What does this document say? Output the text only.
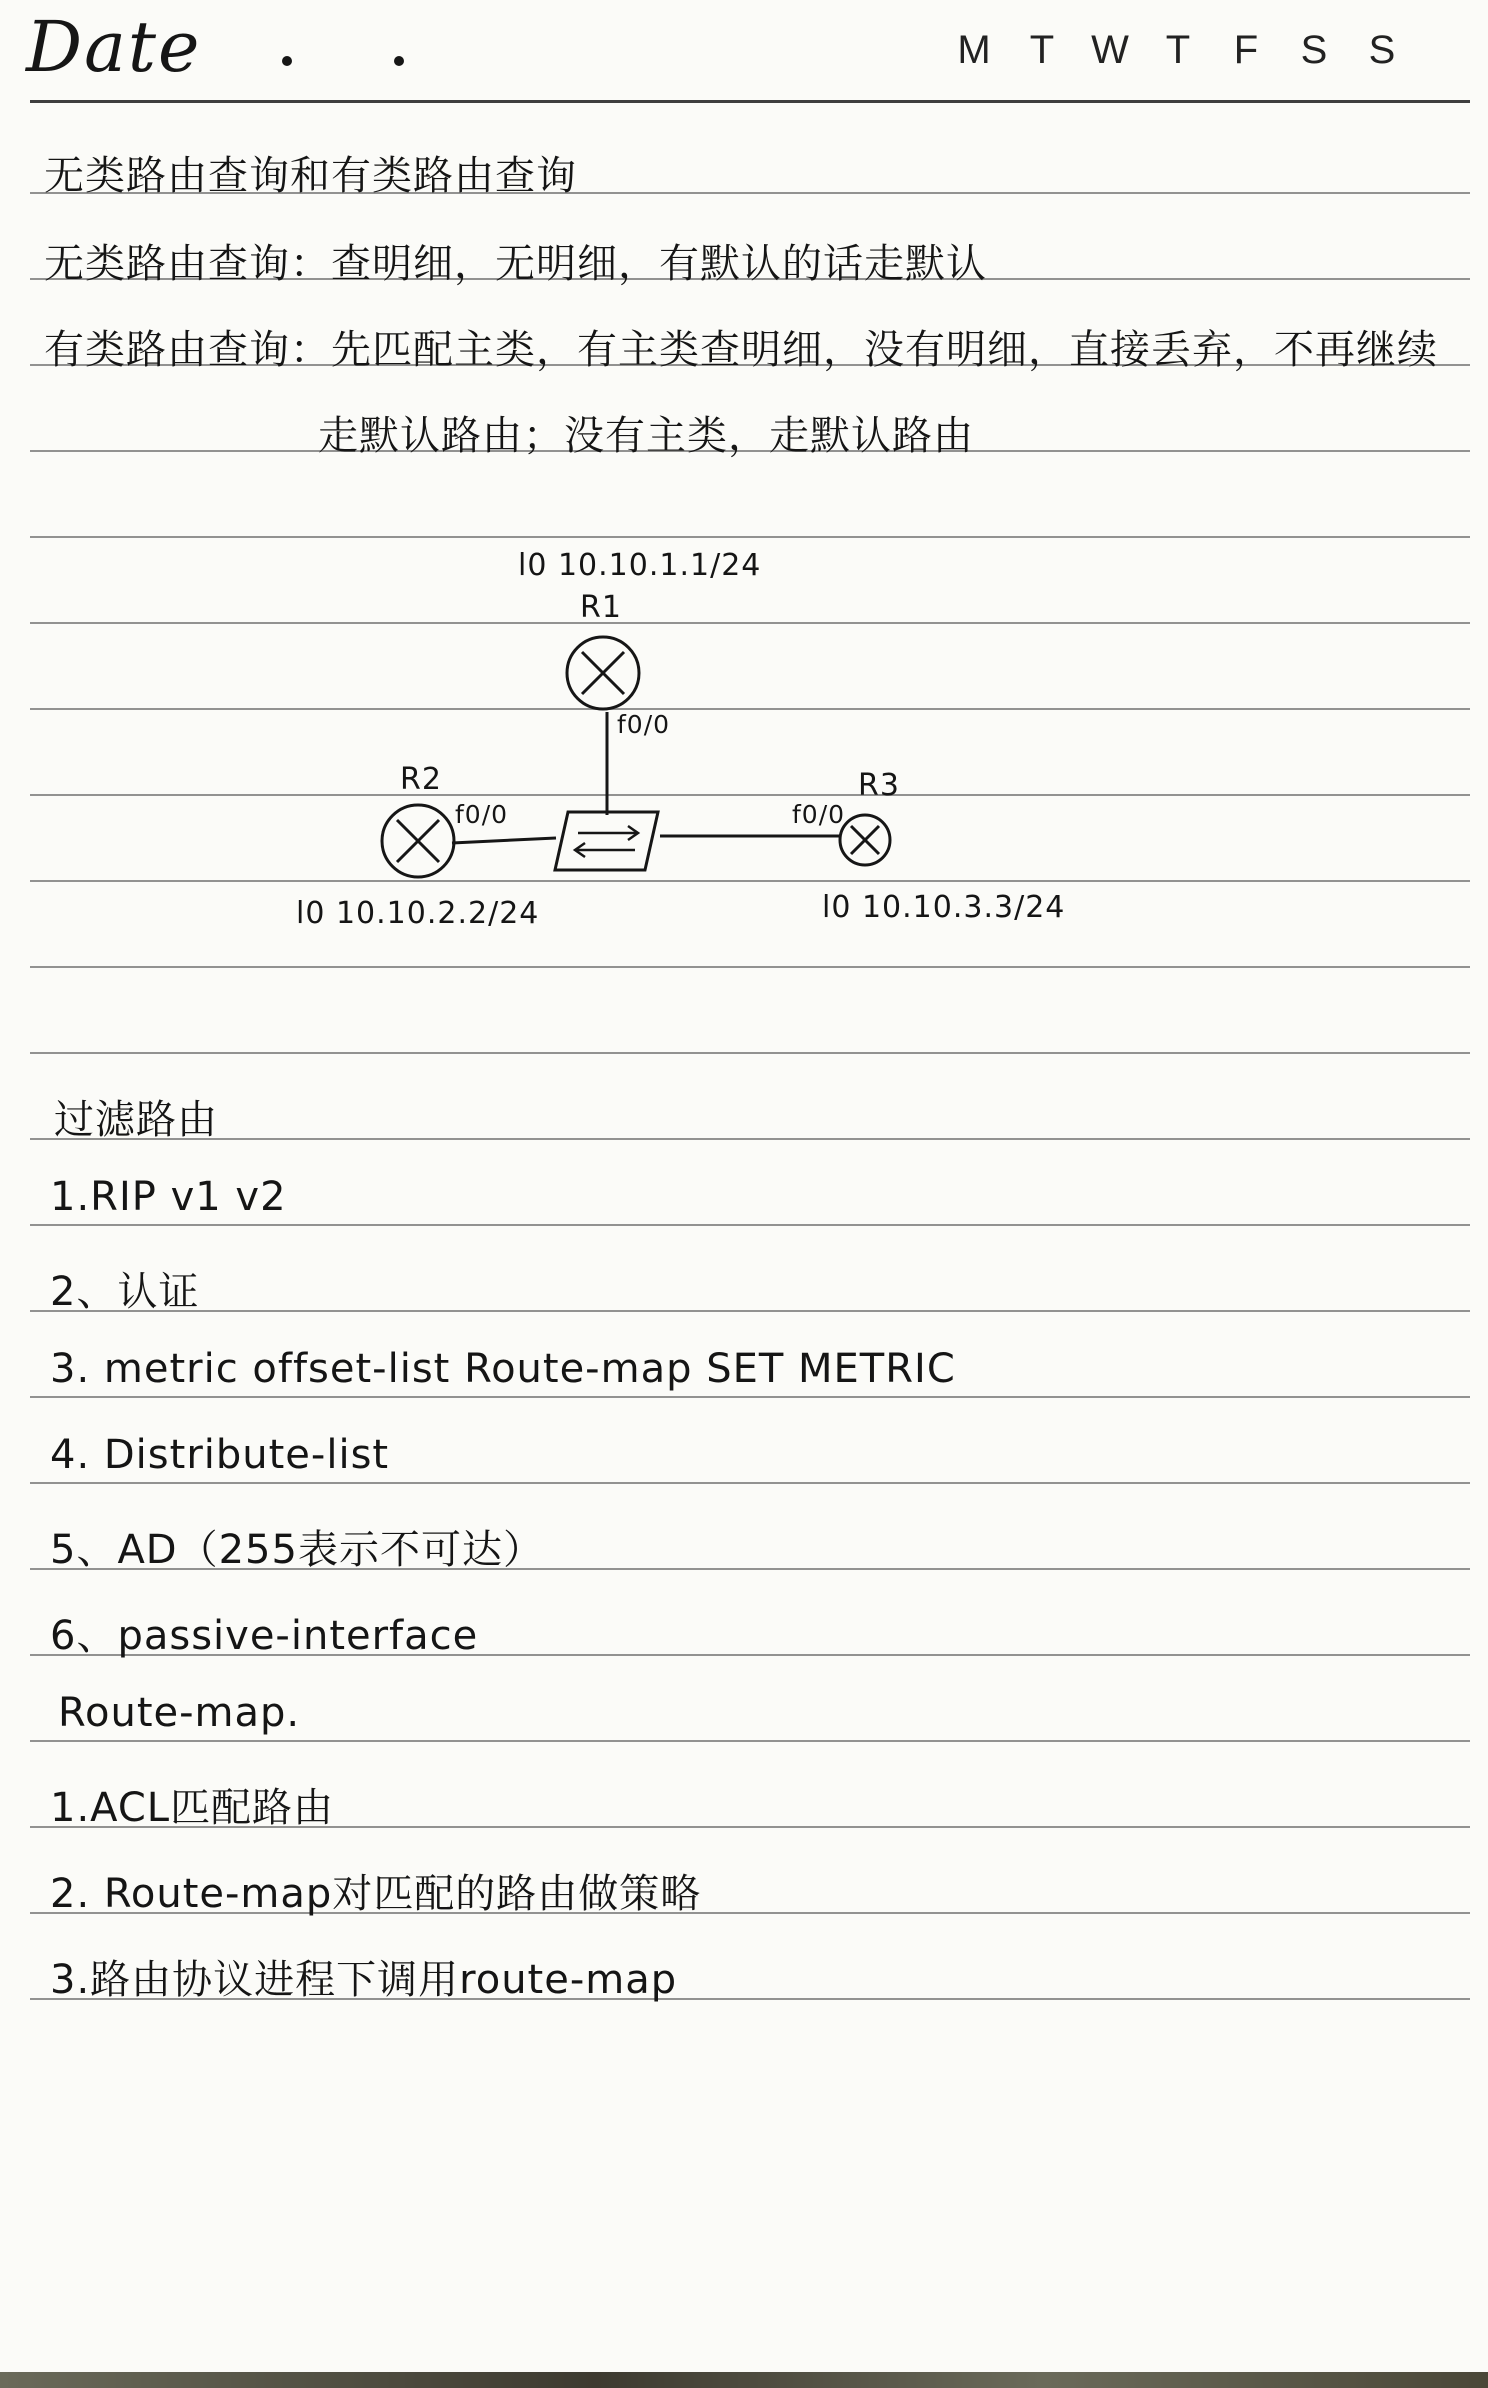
Date	M T W T	F	S	S
无类路由查询和有类路由查询
无类路由查询：查明细，无明细，有默认的话走默认
有类路由查询：先匹配主类，有主类查明细，没有明细，直接丢弃，不再继续
走默认路由；没有主类，走默认路由
l0 10.10.1.1/24
R1
f0/0
R2
f0/0
l0 10.10.2.2/24
R3
f0/0
l0 10.10.3.3/24
过滤路由
1.RIP v1 v2
2、认证
3. metric offset-list Route-map SET METRIC
4. Distribute-list
5、AD（255表示不可达）
6、passive-interface
Route-map.
1.ACL匹配路由
2. Route-map对匹配的路由做策略
3.路由协议进程下调用route-map
